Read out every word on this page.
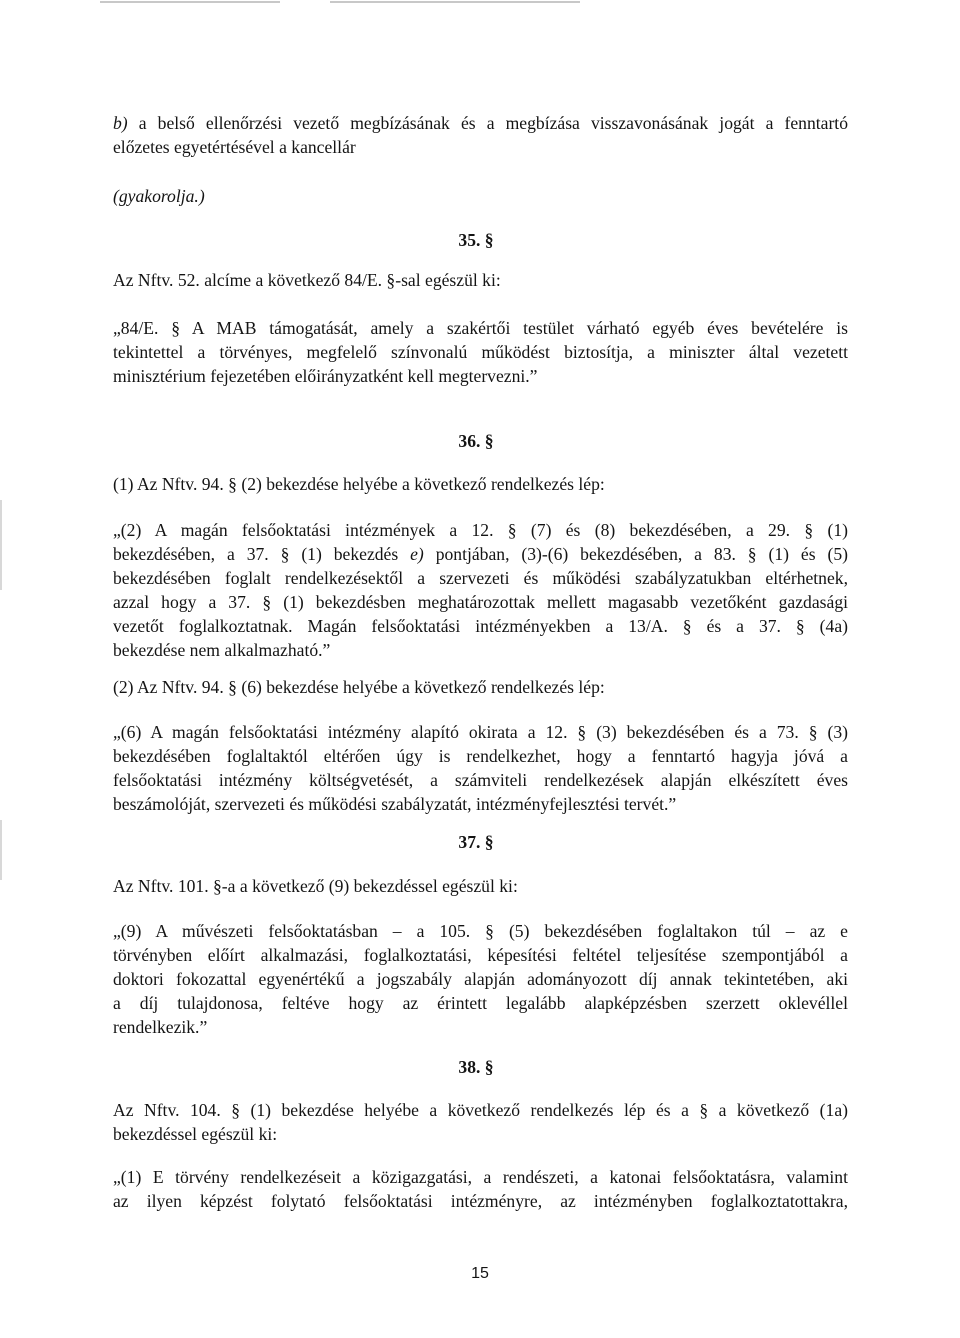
b) a belső ellenőrzési vezető megbízásának és a megbízása visszavonásának jogát a fenntartó
előzetes egyetértésével a kancellár
(gyakorolja.)
35. §
Az Nftv. 52. alcíme a következő 84/E. §-sal egészül ki:
„84/E. § A MAB támogatását, amely a szakértői testület várható egyéb éves bevételére is
tekintettel a törvényes, megfelelő színvonalú működést biztosítja, a miniszter által vezetett
minisztérium fejezetében előirányzatként kell megtervezni.”
36. §
(1) Az Nftv. 94. § (2) bekezdése helyébe a következő rendelkezés lép:
„(2) A magán felsőoktatási intézmények a 12. § (7) és (8) bekezdésében, a 29. § (1)
bekezdésében, a 37. § (1) bekezdés e) pontjában, (3)-(6) bekezdésében, a 83. § (1) és (5)
bekezdésében foglalt rendelkezésektől a szervezeti és működési szabályzatukban eltérhetnek,
azzal hogy a 37. § (1) bekezdésben meghatározottak mellett magasabb vezetőként gazdasági
vezetőt foglalkoztatnak. Magán felsőoktatási intézményekben a 13/A. § és a 37. § (4a)
bekezdése nem alkalmazható.”
(2) Az Nftv. 94. § (6) bekezdése helyébe a következő rendelkezés lép:
„(6) A magán felsőoktatási intézmény alapító okirata a 12. § (3) bekezdésében és a 73. § (3)
bekezdésében foglaltaktól eltérően úgy is rendelkezhet, hogy a fenntartó hagyja jóvá a
felsőoktatási intézmény költségvetését, a számviteli rendelkezések alapján elkészített éves
beszámolóját, szervezeti és működési szabályzatát, intézményfejlesztési tervét.”
37. §
Az Nftv. 101. §-a a következő (9) bekezdéssel egészül ki:
„(9) A művészeti felsőoktatásban – a 105. § (5) bekezdésében foglaltakon túl – az e
törvényben előírt alkalmazási, foglalkoztatási, képesítési feltétel teljesítése szempontjából a
doktori fokozattal egyenértékű a jogszabály alapján adományozott díj annak tekintetében, aki
a díj tulajdonosa, feltéve hogy az érintett legalább alapképzésben szerzett oklevéllel
rendelkezik.”
38. §
Az Nftv. 104. § (1) bekezdése helyébe a következő rendelkezés lép és a § a következő (1a)
bekezdéssel egészül ki:
„(1) E törvény rendelkezéseit a közigazgatási, a rendészeti, a katonai felsőoktatásra, valamint
az ilyen képzést folytató felsőoktatási intézményre, az intézményben foglalkoztatottakra,
15
